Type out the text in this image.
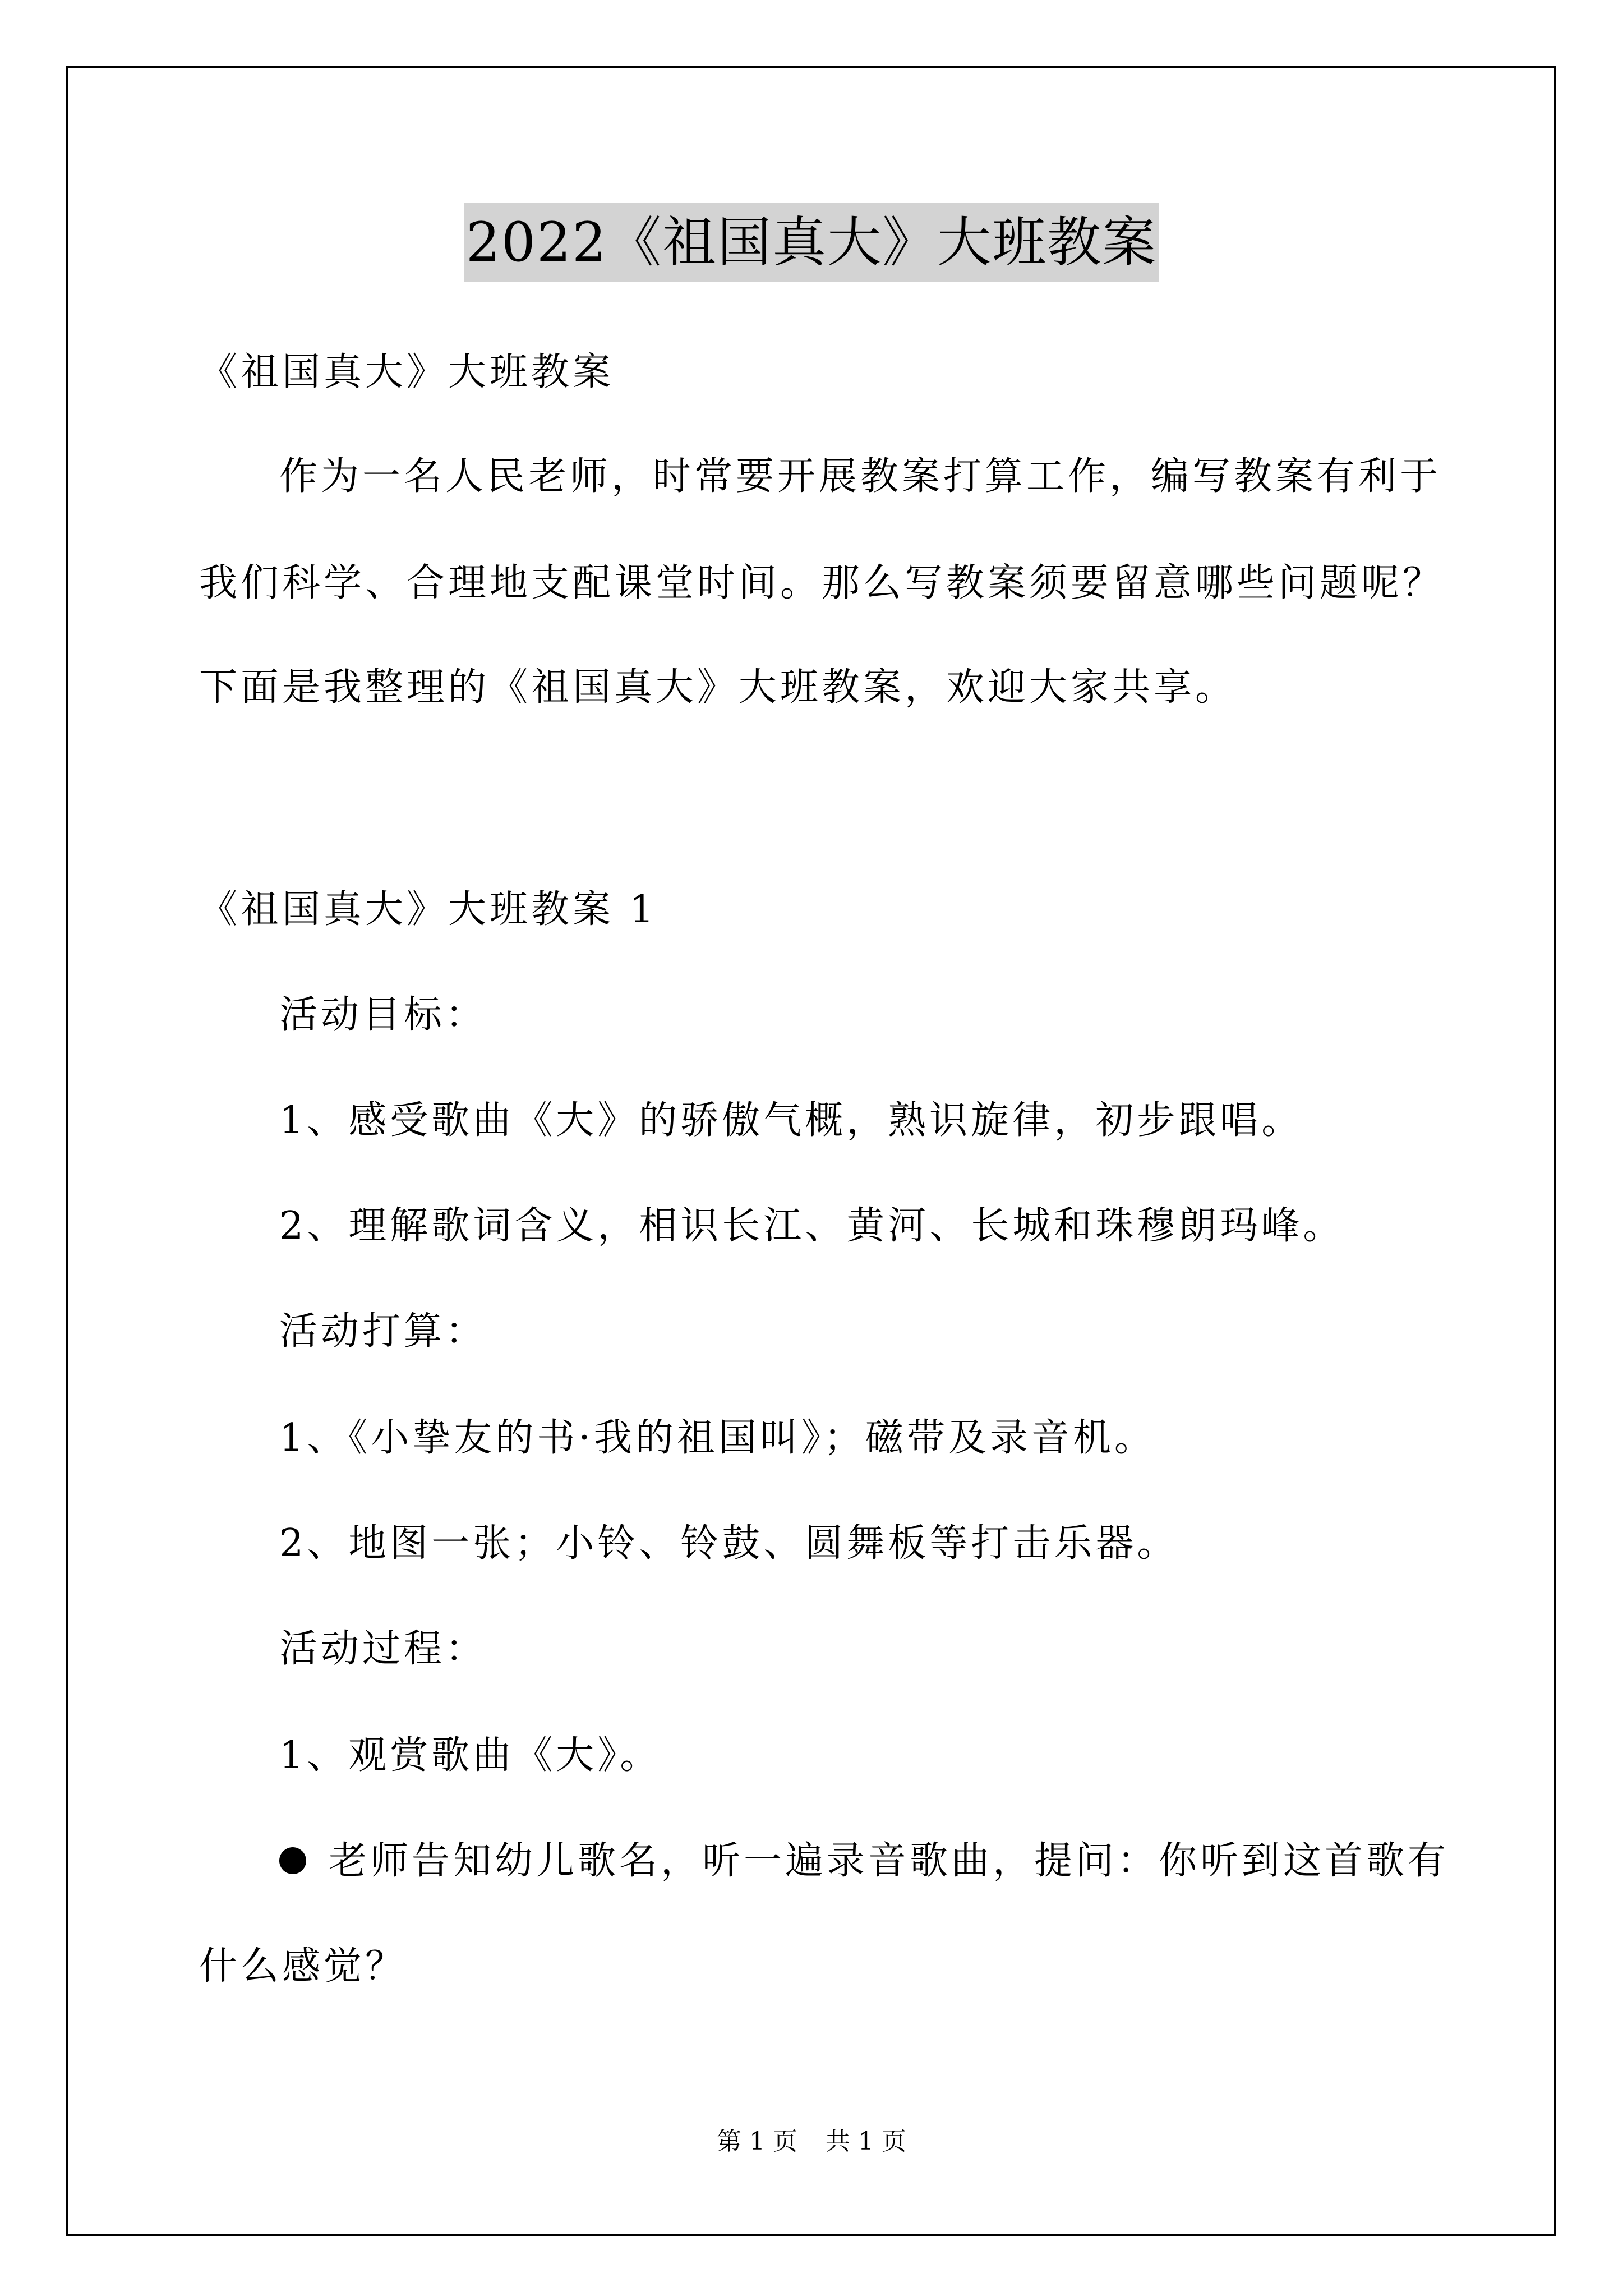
2022《祖国真大》大班教案
《祖国真大》大班教案
作为一名人民老师，时常要开展教案打算工作，编写教案有利于
我们科学、合理地支配课堂时间。那么写教案须要留意哪些问题呢？
下面是我整理的《祖国真大》大班教案，欢迎大家共享。
《祖国真大》大班教案 1
活动目标：
1、感受歌曲《大》的骄傲气概，熟识旋律，初步跟唱。
2、理解歌词含义，相识长江、黄河、长城和珠穆朗玛峰。
活动打算：
1、《小挚友的书·我的祖国叫》；磁带及录音机。
2、地图一张；小铃、铃鼓、圆舞板等打击乐器。
活动过程：
1、观赏歌曲《大》。
老师告知幼儿歌名，听一遍录音歌曲，提问：你听到这首歌有
什么感觉？
第 1 页 共 1 页
